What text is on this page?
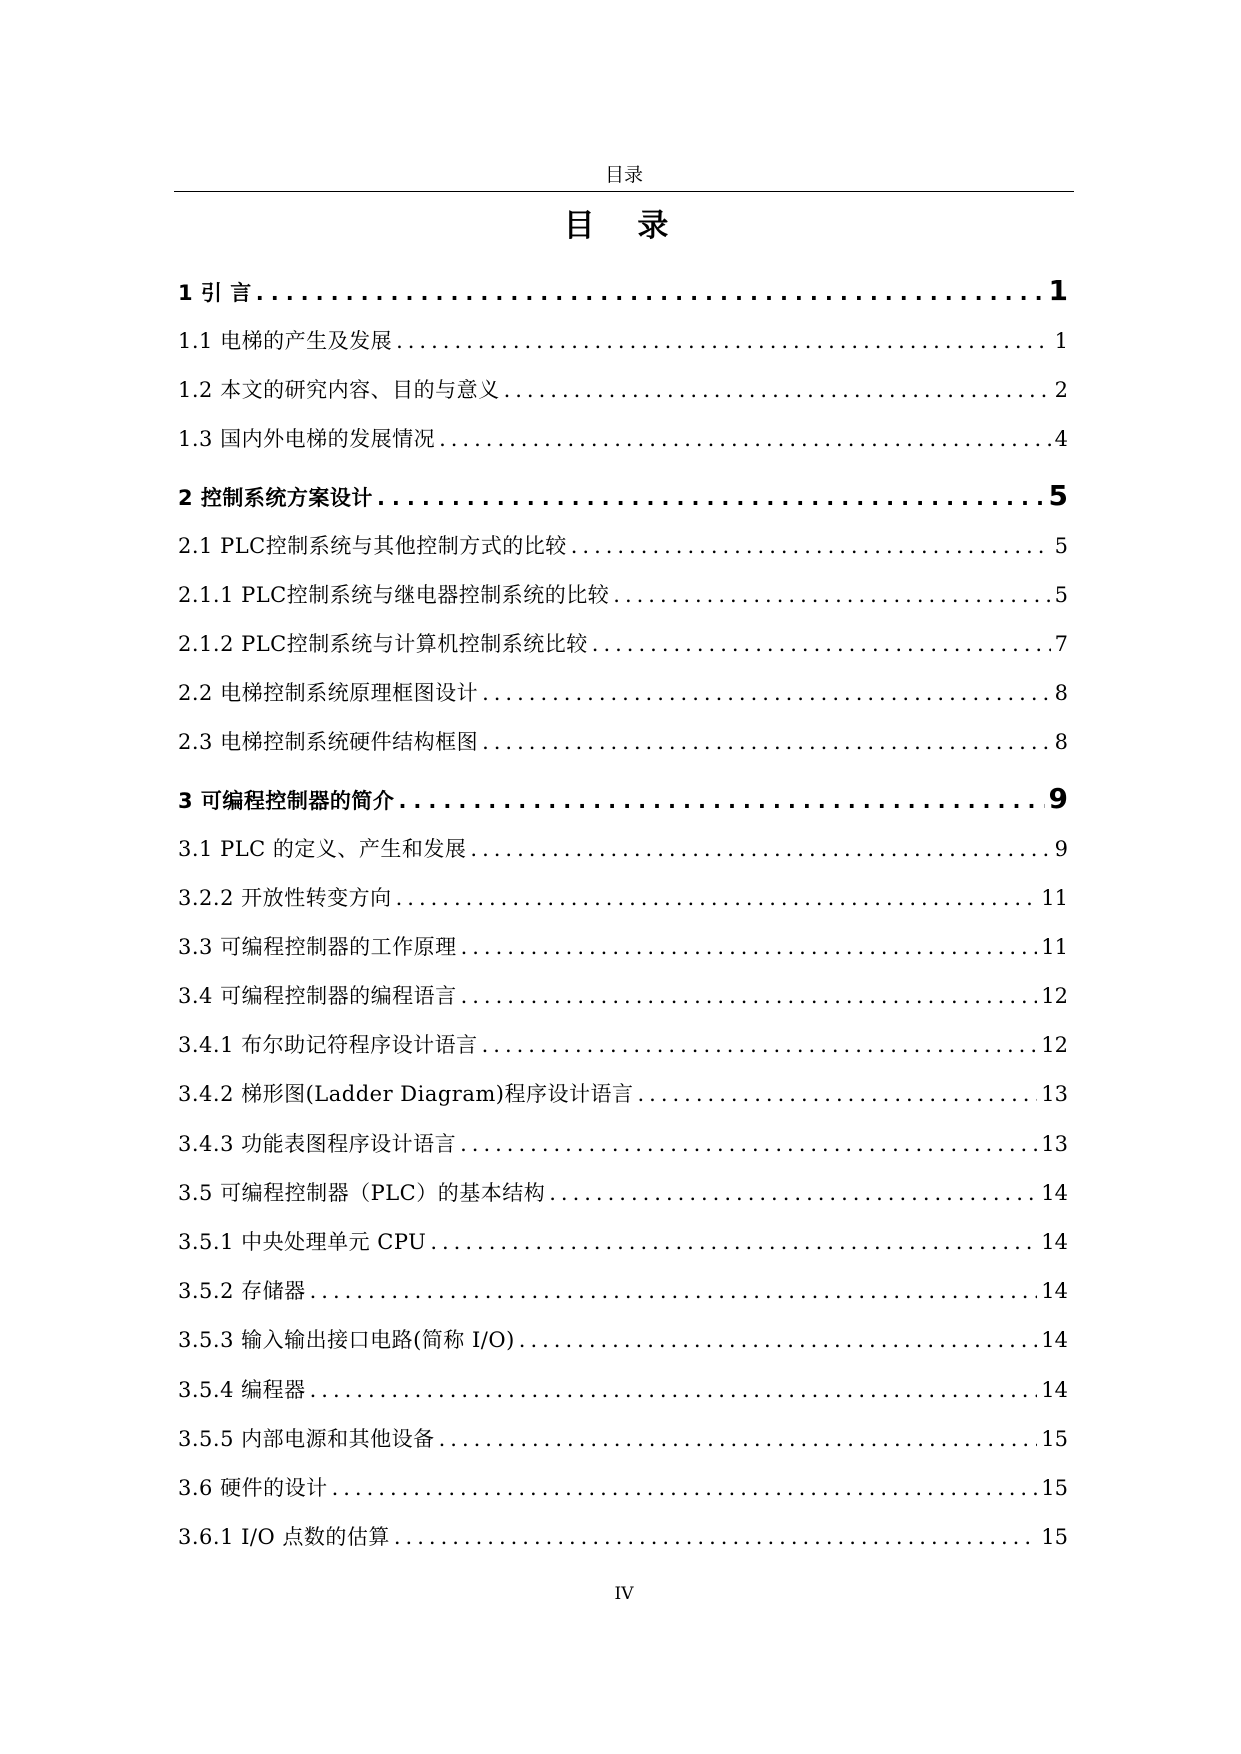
目录
目 录
1 引 言 .....	1
1.1 电梯的产生及发展 .....	1
1.2 本文的研究内容、目的与意义 .....	2
1.3 国内外电梯的发展情况 .....	4
2 控制系统方案设计 .....	5
2.1 PLC控制系统与其他控制方式的比较 .....	5
2.1.1 PLC控制系统与继电器控制系统的比较 .....	5
2.1.2 PLC控制系统与计算机控制系统比较 .....	7
2.2 电梯控制系统原理框图设计 .....	8
2.3 电梯控制系统硬件结构框图 .....	8
3 可编程控制器的简介 .....	9
3.1 PLC 的定义、产生和发展 .....	9
3.2.2 开放性转变方向 .....	11
3.3 可编程控制器的工作原理 .....	11
3.4 可编程控制器的编程语言 .....	12
3.4.1 布尔助记符程序设计语言 .....	12
3.4.2 梯形图(Ladder Diagram)程序设计语言 .....	13
3.4.3 功能表图程序设计语言 .....	13
3.5 可编程控制器（PLC）的基本结构 .....	14
3.5.1 中央处理单元 CPU .....	14
3.5.2 存储器 .....	14
3.5.3 输入输出接口电路(简称 I/O) .....	14
3.5.4 编程器 .....	14
3.5.5 内部电源和其他设备 .....	15
3.6 硬件的设计 .....	15
3.6.1 I/O 点数的估算 .....	15
IV
